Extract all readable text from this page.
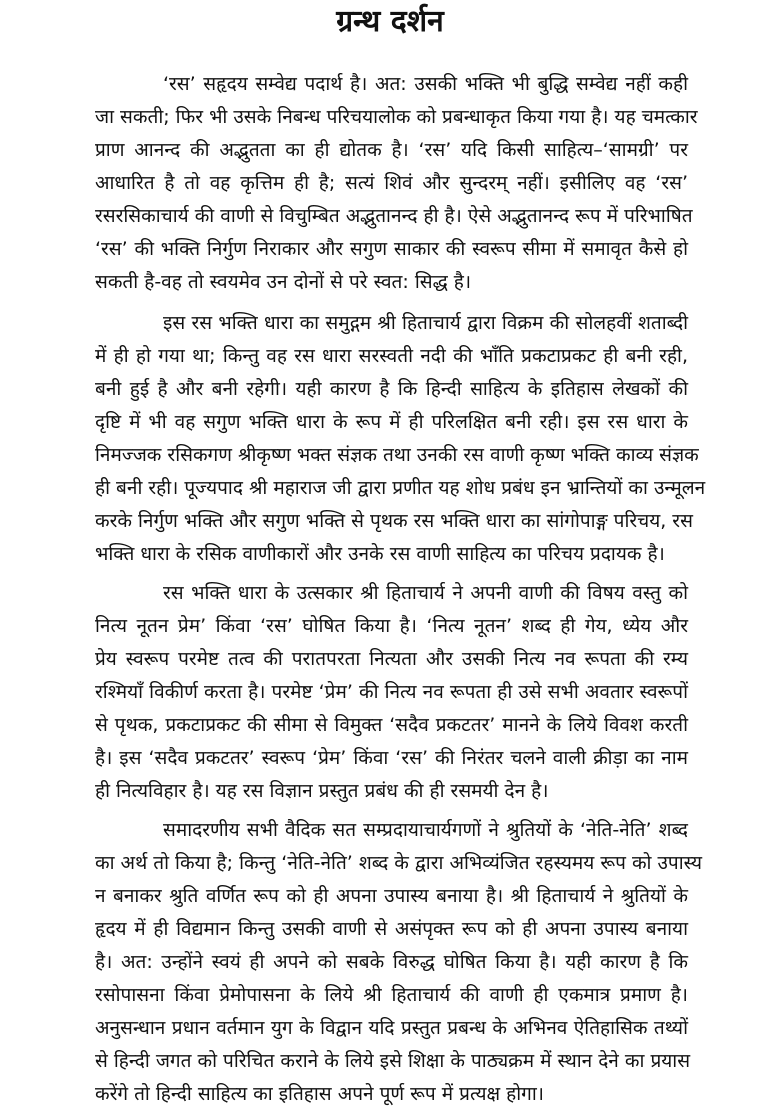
ग्रन्थ दर्शन
‘रस’ सहृदय सम्वेद्य पदार्थ है। अत: उसकी भक्ति भी बुद्धि सम्वेद्य नहीं कही
जा सकती; फिर भी उसके निबन्ध परिचयालोक को प्रबन्धाकृत किया गया है। यह चमत्कार
प्राण आनन्द की अद्भुतता का ही द्योतक है। ‘रस’ यदि किसी साहित्य–‘सामग्री’ पर
आधारित है तो वह कृत्तिम ही है; सत्यं शिवं और सुन्दरम् नहीं। इसीलिए वह ‘रस’
रसरसिकाचार्य की वाणी से विचुम्बित अद्भुतानन्द ही है। ऐसे अद्भुतानन्द रूप में परिभाषित
‘रस’ की भक्ति निर्गुण निराकार और सगुण साकार की स्वरूप सीमा में समावृत कैसे हो
सकती है-वह तो स्वयमेव उन दोनों से परे स्वत: सिद्ध है।
इस रस भक्ति धारा का समुद्गम श्री हिताचार्य द्वारा विक्रम की सोलहवीं शताब्दी
में ही हो गया था; किन्तु वह रस धारा सरस्वती नदी की भाँति प्रकटाप्रकट ही बनी रही,
बनी हुई है और बनी रहेगी। यही कारण है कि हिन्दी साहित्य के इतिहास लेखकों की
दृष्टि में भी वह सगुण भक्ति धारा के रूप में ही परिलक्षित बनी रही। इस रस धारा के
निमज्जक रसिकगण श्रीकृष्ण भक्त संज्ञक तथा उनकी रस वाणी कृष्ण भक्ति काव्य संज्ञक
ही बनी रही। पूज्यपाद श्री महाराज जी द्वारा प्रणीत यह शोध प्रबंध इन भ्रान्तियों का उन्मूलन
करके निर्गुण भक्ति और सगुण भक्ति से पृथक रस भक्ति धारा का सांगोपाङ्ग परिचय, रस
भक्ति धारा के रसिक वाणीकारों और उनके रस वाणी साहित्य का परिचय प्रदायक है।
रस भक्ति धारा के उत्सकार श्री हिताचार्य ने अपनी वाणी की विषय वस्तु को
नित्य नूतन प्रेम’ किंवा ‘रस’ घोषित किया है। ‘नित्य नूतन’ शब्द ही गेय, ध्येय और
प्रेय स्वरूप परमेष्ट तत्व की परातपरता नित्यता और उसकी नित्य नव रूपता की रम्य
रश्मियाँ विकीर्ण करता है। परमेष्ट ‘प्रेम’ की नित्य नव रूपता ही उसे सभी अवतार स्वरूपों
से पृथक, प्रकटाप्रकट की सीमा से विमुक्त ‘सदैव प्रकटतर’ मानने के लिये विवश करती
है। इस ‘सदैव प्रकटतर’ स्वरूप ‘प्रेम’ किंवा ‘रस’ की निरंतर चलने वाली क्रीड़ा का नाम
ही नित्यविहार है। यह रस विज्ञान प्रस्तुत प्रबंध की ही रसमयी देन है।
समादरणीय सभी वैदिक सत सम्प्रदायाचार्यगणों ने श्रुतियों के ‘नेति-नेति’ शब्द
का अर्थ तो किया है; किन्तु ‘नेति-नेति’ शब्द के द्वारा अभिव्यंजित रहस्यमय रूप को उपास्य
न बनाकर श्रुति वर्णित रूप को ही अपना उपास्य बनाया है। श्री हिताचार्य ने श्रुतियों के
हृदय में ही विद्यमान किन्तु उसकी वाणी से असंपृक्त रूप को ही अपना उपास्य बनाया
है। अत: उन्होंने स्वयं ही अपने को सबके विरुद्ध घोषित किया है। यही कारण है कि
रसोपासना किंवा प्रेमोपासना के लिये श्री हिताचार्य की वाणी ही एकमात्र प्रमाण है।
अनुसन्धान प्रधान वर्तमान युग के विद्वान यदि प्रस्तुत प्रबन्ध के अभिनव ऐतिहासिक तथ्यों
से हिन्दी जगत को परिचित कराने के लिये इसे शिक्षा के पाठ्यक्रम में स्थान देने का प्रयास
करेंगे तो हिन्दी साहित्य का इतिहास अपने पूर्ण रूप में प्रत्यक्ष होगा।
